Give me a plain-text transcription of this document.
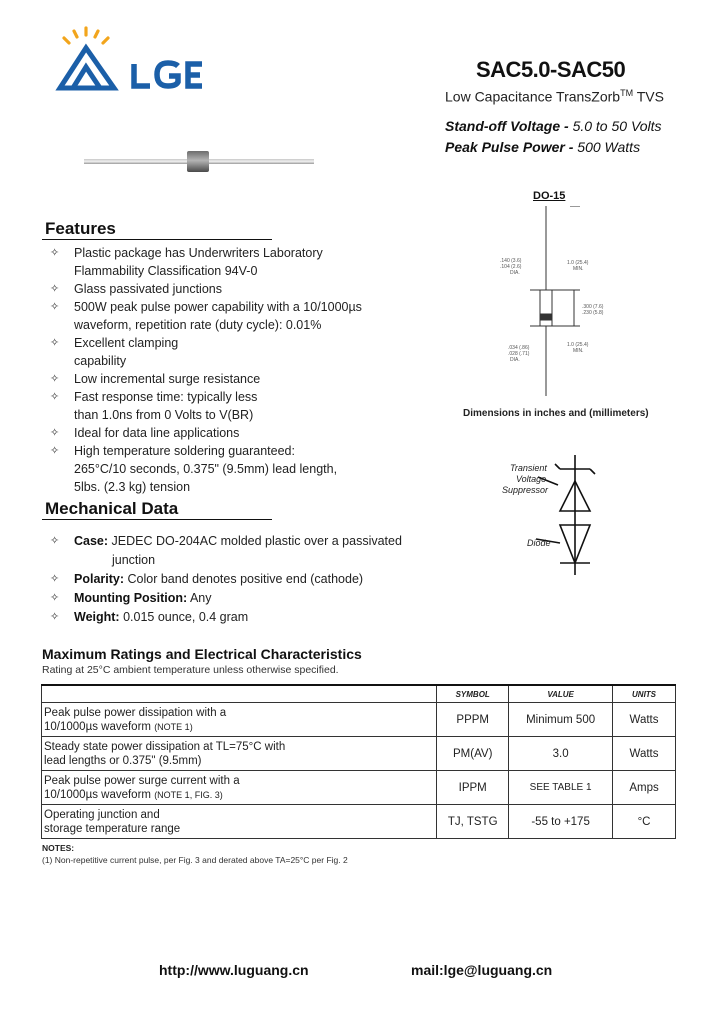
SAC5.0-SAC50
Low Capacitance TransZorb™ TVS
Stand-off Voltage - 5.0 to 50 Volts
Peak Pulse Power - 500 Watts
DO-15
.140 (3.6)
.104 (2.6)
DIA.
1.0 (25.4)
MIN.
.300 (7.6)
.230 (5.8)
.034 (.86)
.028 (.71)
DIA.
1.0 (25.4)
MIN.
Dimensions in inches and (millimeters)
Transient
Voltage
Suppressor
Diode
Features
✧	Plastic package has Underwriters Laboratory
Flammability Classification 94V-0
✧	Glass passivated junctions
✧	500W peak pulse power capability with a 10/1000µs
waveform, repetition rate (duty cycle): 0.01%
✧	Excellent clamping
capability
✧	Low incremental surge resistance
✧	Fast response time: typically less
than 1.0ns from 0 Volts to V(BR)
✧	Ideal for data line applications
✧	High temperature soldering guaranteed:
265°C/10 seconds, 0.375" (9.5mm) lead length,
5lbs. (2.3 kg) tension
Mechanical Data
✧	Case: JEDEC DO-204AC molded plastic over a passivated
junction
✧	Polarity: Color band denotes positive end (cathode)
✧	Mounting Position: Any
✧	Weight: 0.015 ounce, 0.4 gram
Maximum Ratings and Electrical Characteristics
Rating at 25°C ambient temperature unless otherwise specified.
	SYMBOL	VALUE	UNITS
Peak pulse power dissipation with a
10/1000µs waveform (NOTE 1)	PPPM	Minimum 500	Watts
Steady state power dissipation at TL=75°C with
lead lengths or 0.375" (9.5mm)	PM(AV)	3.0	Watts
Peak pulse power surge current with a
10/1000µs waveform (NOTE 1, FIG. 3)	IPPM	SEE TABLE 1	Amps
Operating junction and
storage temperature range	TJ, TSTG	-55 to +175	°C
NOTES:
(1) Non-repetitive current pulse, per Fig. 3 and derated above TA=25°C per Fig. 2
http://www.luguang.cn	mail:lge@luguang.cn
